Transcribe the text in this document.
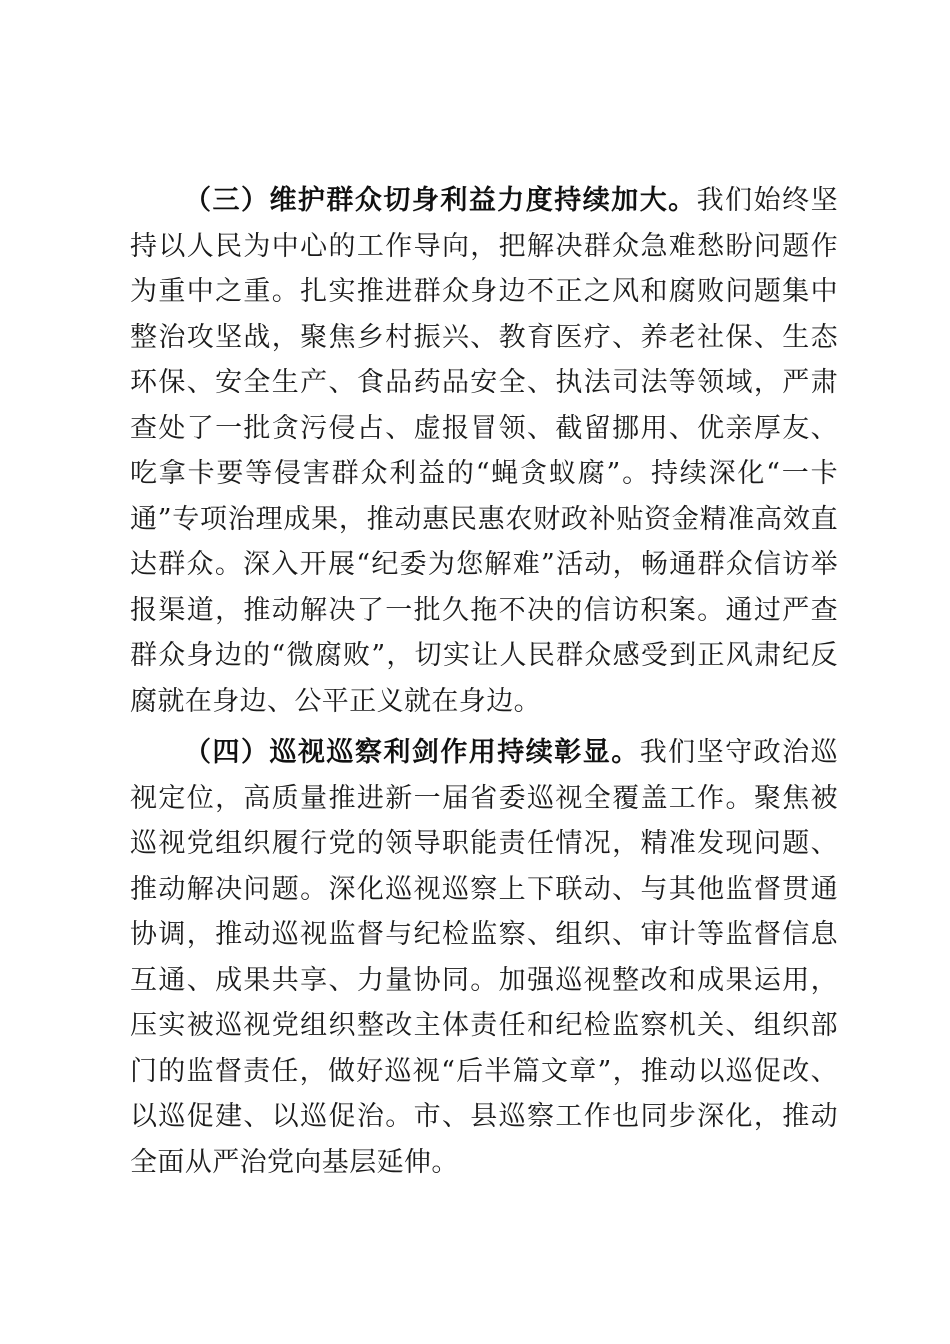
（三）维护群众切身利益力度持续加大。我们始终坚持以人民为中心的工作导向，把解决群众急难愁盼问题作为重中之重。扎实推进群众身边不正之风和腐败问题集中整治攻坚战，聚焦乡村振兴、教育医疗、养老社保、生态环保、安全生产、食品药品安全、执法司法等领域，严肃查处了一批贪污侵占、虚报冒领、截留挪用、优亲厚友、吃拿卡要等侵害群众利益的“蝇贪蚁腐”。持续深化“一卡通”专项治理成果，推动惠民惠农财政补贴资金精准高效直达群众。深入开展“纪委为您解难”活动，畅通群众信访举报渠道，推动解决了一批久拖不决的信访积案。通过严查群众身边的“微腐败”，切实让人民群众感受到正风肃纪反腐就在身边、公平正义就在身边。

（四）巡视巡察利剑作用持续彰显。我们坚守政治巡视定位，高质量推进新一届省委巡视全覆盖工作。聚焦被巡视党组织履行党的领导职能责任情况，精准发现问题、推动解决问题。深化巡视巡察上下联动、与其他监督贯通协调，推动巡视监督与纪检监察、组织、审计等监督信息互通、成果共享、力量协同。加强巡视整改和成果运用，压实被巡视党组织整改主体责任和纪检监察机关、组织部门的监督责任，做好巡视“后半篇文章”，推动以巡促改、以巡促建、以巡促治。市、县巡察工作也同步深化，推动全面从严治党向基层延伸。
